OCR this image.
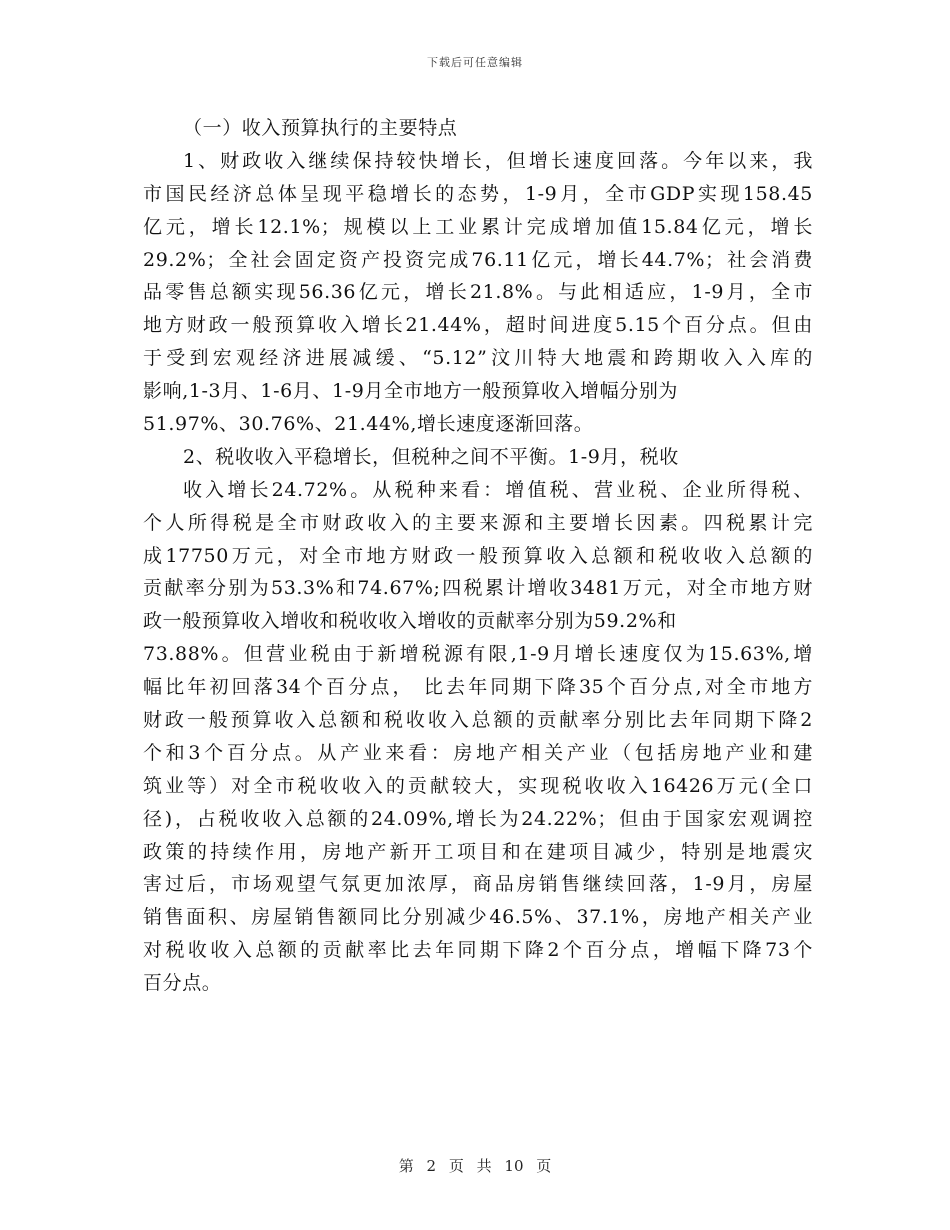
下载后可任意编辑
（一）收入预算执行的主要特点
1、财政收入继续保持较快增长，但增长速度回落。今年以来，我
市国民经济总体呈现平稳增长的态势，1-9月，全市GDP实现158.45
亿元，增长12.1%；规模以上工业累计完成增加值15.84亿元，增长
29.2%；全社会固定资产投资完成76.11亿元，增长44.7%；社会消费
品零售总额实现56.36亿元，增长21.8%。与此相适应，1-9月，全市
地方财政一般预算收入增长21.44%，超时间进度5.15个百分点。但由
于受到宏观经济进展减缓、“5.12”汶川特大地震和跨期收入入库的
影响,1-3月、1-6月、1-9月全市地方一般预算收入增幅分别为
51.97%、30.76%、21.44%,增长速度逐渐回落。
2、税收收入平稳增长，但税种之间不平衡。1-9月，税收
收入增长24.72%。从税种来看：增值税、营业税、企业所得税、
个人所得税是全市财政收入的主要来源和主要增长因素。四税累计完
成17750万元，对全市地方财政一般预算收入总额和税收收入总额的
贡献率分别为53.3%和74.67%;四税累计增收3481万元，对全市地方财
政一般预算收入增收和税收收入增收的贡献率分别为59.2%和
73.88%。但营业税由于新增税源有限,1-9月增长速度仅为15.63%,增
幅比年初回落34个百分点， 比去年同期下降35个百分点,对全市地方
财政一般预算收入总额和税收收入总额的贡献率分别比去年同期下降2
个和3个百分点。从产业来看：房地产相关产业（包括房地产业和建
筑业等）对全市税收收入的贡献较大，实现税收收入16426万元(全口
径)，占税收收入总额的24.09%,增长为24.22%；但由于国家宏观调控
政策的持续作用，房地产新开工项目和在建项目减少，特别是地震灾
害过后，市场观望气氛更加浓厚，商品房销售继续回落，1-9月，房屋
销售面积、房屋销售额同比分别减少46.5%、37.1%，房地产相关产业
对税收收入总额的贡献率比去年同期下降2个百分点，增幅下降73个
百分点。
第 2 页 共 10 页
